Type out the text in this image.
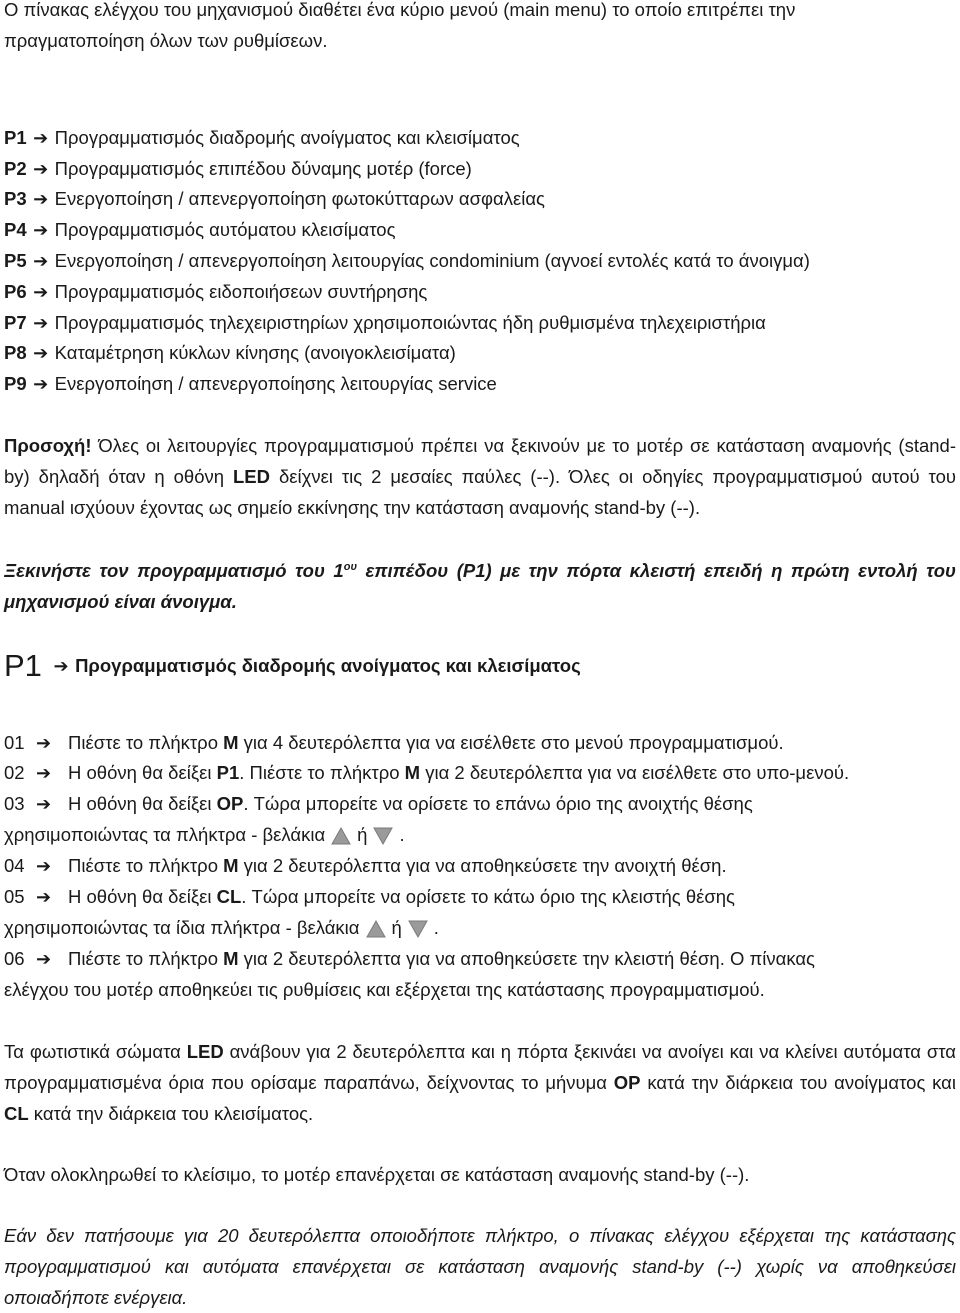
Ο πίνακας ελέγχου του μηχανισμού διαθέτει ένα κύριο μενού (main menu) το οποίο επιτρέπει την
πραγματοποίηση όλων των ρυθμίσεων.
P1 ➔ Προγραμματισμός διαδρομής ανοίγματος και κλεισίματος
P2 ➔ Προγραμματισμός επιπέδου δύναμης μοτέρ (force)
P3 ➔ Ενεργοποίηση / απενεργοποίηση φωτοκύτταρων ασφαλείας
P4 ➔ Προγραμματισμός αυτόματου κλεισίματος
P5 ➔ Ενεργοποίηση / απενεργοποίηση λειτουργίας condominium (αγνοεί εντολές κατά το άνοιγμα)
P6 ➔ Προγραμματισμός ειδοποιήσεων συντήρησης
P7 ➔ Προγραμματισμός τηλεχειριστηρίων χρησιμοποιώντας ήδη ρυθμισμένα τηλεχειριστήρια
P8 ➔ Καταμέτρηση κύκλων κίνησης (ανοιγοκλεισίματα)
P9 ➔ Ενεργοποίηση / απενεργοποίησης λειτουργίας service
Προσοχή! Όλες οι λειτουργίες προγραμματισμού πρέπει να ξεκινούν με το μοτέρ σε κατάσταση αναμονής (stand-by) δηλαδή όταν η οθόνη LED δείχνει τις 2 μεσαίες παύλες (--). Όλες οι οδηγίες προγραμματισμού αυτού του manual ισχύουν έχοντας ως σημείο εκκίνησης την κατάσταση αναμονής stand-by (--).
Ξεκινήστε τον προγραμματισμό του $1^{o\upsilon}$ επιπέδου (P1) με την πόρτα κλειστή επειδή η πρώτη εντολή του μηχανισμού είναι άνοιγμα.
P1 ➔ Προγραμματισμός διαδρομής ανοίγματος και κλεισίματος
01 ➔ Πιέστε το πλήκτρο M για 4 δευτερόλεπτα για να εισέλθετε στο μενού προγραμματισμού.
02 ➔ Η οθόνη θα δείξει P1. Πιέστε το πλήκτρο M για 2 δευτερόλεπτα για να εισέλθετε στο υπο-μενού.
03 ➔ Η οθόνη θα δείξει OP. Τώρα μπορείτε να ορίσετε το επάνω όριο της ανοιχτής θέσης
χρησιμοποιώντας τα πλήκτρα - βελάκια ή .
04 ➔ Πιέστε το πλήκτρο M για 2 δευτερόλεπτα για να αποθηκεύσετε την ανοιχτή θέση.
05 ➔ Η οθόνη θα δείξει CL. Τώρα μπορείτε να ορίσετε το κάτω όριο της κλειστής θέσης
χρησιμοποιώντας τα ίδια πλήκτρα - βελάκια ή .
06 ➔ Πιέστε το πλήκτρο M για 2 δευτερόλεπτα για να αποθηκεύσετε την κλειστή θέση. Ο πίνακας
ελέγχου του μοτέρ αποθηκεύει τις ρυθμίσεις και εξέρχεται της κατάστασης προγραμματισμού.
Τα φωτιστικά σώματα LED ανάβουν για 2 δευτερόλεπτα και η πόρτα ξεκινάει να ανοίγει και να κλείνει αυτόματα στα προγραμματισμένα όρια που ορίσαμε παραπάνω, δείχνοντας το μήνυμα OP κατά την διάρκεια του ανοίγματος και CL κατά την διάρκεια του κλεισίματος.
Όταν ολοκληρωθεί το κλείσιμο, το μοτέρ επανέρχεται σε κατάσταση αναμονής stand-by (--).
Εάν δεν πατήσουμε για 20 δευτερόλεπτα οποιοδήποτε πλήκτρο, ο πίνακας ελέγχου εξέρχεται της κατάστασης προγραμματισμού και αυτόματα επανέρχεται σε κατάσταση αναμονής stand-by (--) χωρίς να αποθηκεύσει οποιαδήποτε ενέργεια.
